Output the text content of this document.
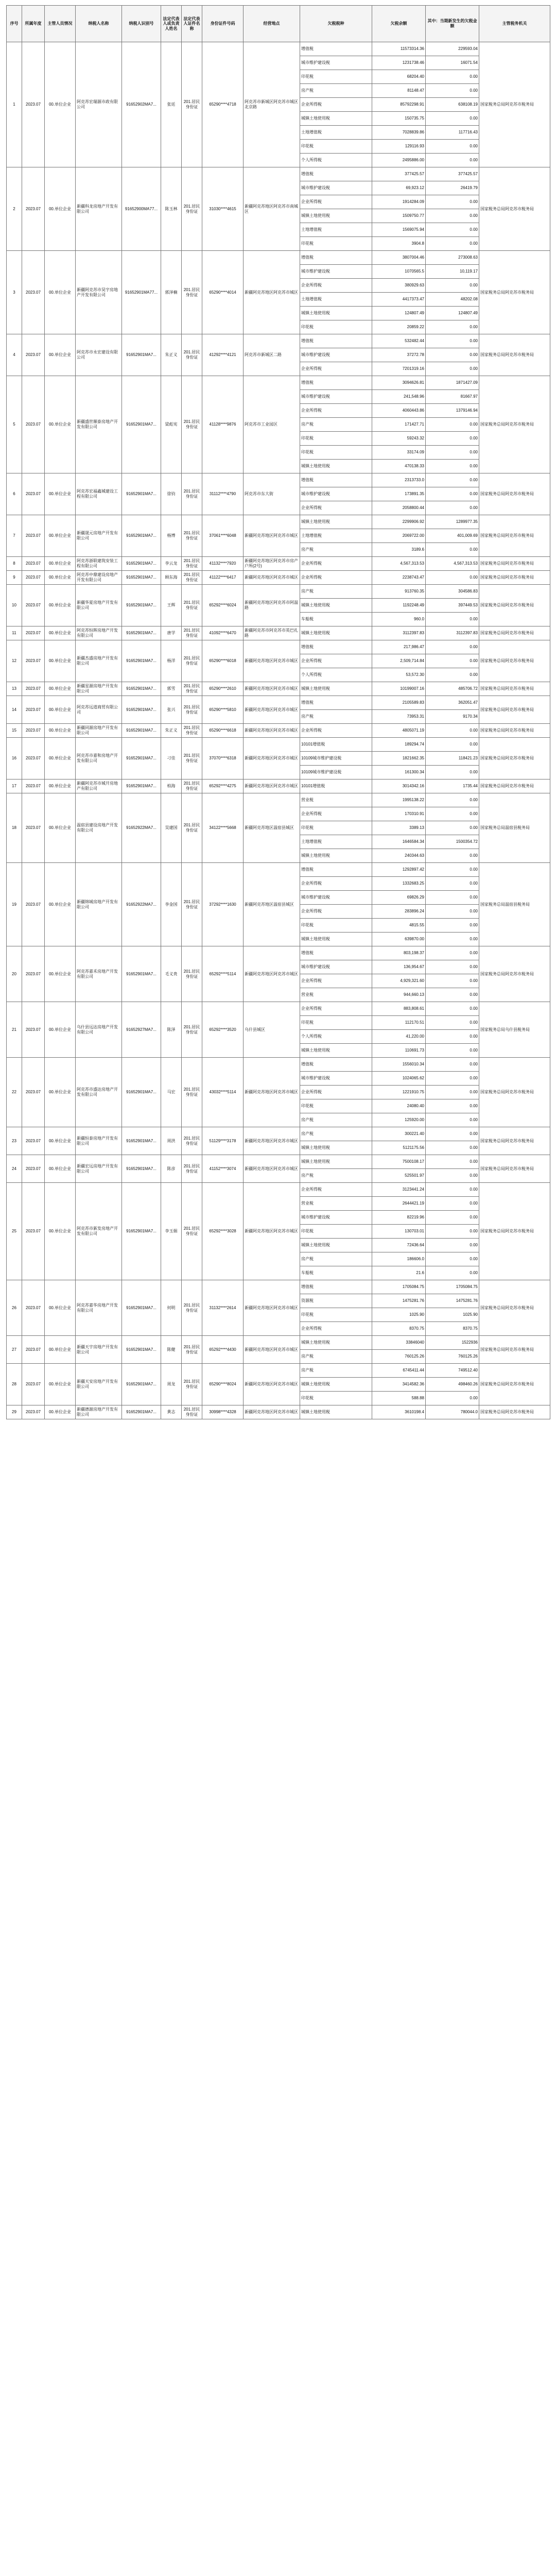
序号	所属年度	主管人员情况	纳税人名称	纳税人识别号	法定代表人或负责人姓名	法定代表人证件名称	身份证件号码	经营地点	欠税税种	欠税余额	其中：当期新发生的欠税金额	主管税务机关
1	2023.07	00.单位企业	阿克苏宏瑞源市政有限公司	91652902MA7...	张廷	201.居民身份证	65290****4718	阿克苏市新城区阿克苏市城区北京路	增值税	11573314.36	229593.04	国家税务总局阿克苏市税务局
									城市维护建设税	1231738.46	16071.54	
									印花税	68204.40	0.00	
									房产税	81148.47	0.00	
									企业所得税	85792298.91	638108.19	
									城镇土地使用税	150735.75	0.00	
									土地增值税	7028839.86	117716.43	
									印花税	129116.93	0.00	
									个人所得税	2495886.00	0.00	
2	2023.07	00.单位企业	新疆科龙房地产开发有限公司	91652900MA77...	陈玉林	201.居民身份证	31030****4615	新疆阿克苏地区阿克苏市南城区	增值税	377425.57	377425.57	国家税务总局阿克苏市税务局
									城市维护建设税	69,923.12	26419.79	
									企业所得税	1914284.09	0.00	
									城镇土地使用税	1509750.77	0.00	
									土地增值税	1569075.94	0.00	
									印花税	3904.8	0.00	
3	2023.07	00.单位企业	新疆阿克苏市昊宇房地产开发有限公司	91652901MA77...	郭泽楠	201.居民身份证	65290****4014	新疆阿克苏地区阿克苏市城区	增值税	3807004.46	273008.63	国家税务总局阿克苏市税务局
									城市维护建设税	1070565.5	10,119.17	
									企业所得税	380929.63	0.00	
									土地增值税	4417373.47	48202.08	
									城镇土地使用税	124807.49	124807.49	
									印花税	20859.22	0.00	
4	2023.07	00.单位企业	阿克苏市永宏建设有限公司	91652901MA7...	朱正义	201.居民身份证	41292****4121	阿克苏市新城区二路	增值税	532482.44	0.00	国家税务总局阿克苏市税务局
									城市维护建设税	37272.78	0.00	
									企业所得税	7201319.16	0.00	
5	2023.07	00.单位企业	新疆盛世顺泰房地产开发有限公司	91652901MA7...	梁彪宪	201.居民身份证	41128****9876	阿克苏市工业园区	增值税	3094626.81	1871427.09	国家税务总局阿克苏市税务局
									城市维护建设税	241,548.96	81667.97	
									企业所得税	4060443.86	1379146.94	
									房产税	171427.71	0.00	
									印花税	59243.32	0.00	
									印花税	33174.09	0.00	
									城镇土地使用税	470138.33	0.00	
6	2023.07	00.单位企业	阿克苏宏福鑫城建设工程有限公司	91652901MA7...	徐钧	201.居民身份证	31112****4790	阿克苏市东大街	增值税	2313733.0	0.00	国家税务总局阿克苏市税务局
									城市维护建设税	173891.35	0.00	
									企业所得税	2058800.44	0.00	
7	2023.07	00.单位企业	新疆晟元房地产开发有限公司	91652901MA7...	杨博	201.居民身份证	37061****6048	新疆阿克苏地区阿克苏市城区	城镇土地使用税	2299906.92	1289977.35	国家税务总局阿克苏市税务局
									土地增值税	2069722.00	401,009.69	
									房产税	3189.6	0.00	
8	2023.07	00.单位企业	阿克苏浙联建筑安装工程有限公司	91652901MA7...	李云龙	201.居民身份证	41132****7920	新疆阿克苏地区阿克苏市房产户所(2号)	企业所得税	4,567,313.53	4,567,313.53	国家税务总局阿克苏市税务局
9	2023.07	00.单位企业	阿克苏中鼎建设房地产开发有限公司	91652901MA7...	顾东海	201.居民身份证	41122****6417	新疆阿克苏地区阿克苏市城区	企业所得税	2238743.47	0.00	国家税务总局阿克苏市税务局
10	2023.07	00.单位企业	新疆华夏房地产开发有限公司	91652901MA7...	王辉	201.居民身份证	65292****6024	新疆阿克苏地区阿克苏市阿温路	房产税	913760.35	304586.83	国家税务总局阿克苏市税务局
									城镇土地使用税	1192248.49	397449.53	
									车船税	960.0	0.00	
11	2023.07	00.单位企业	阿克苏恒晖房地产开发有限公司	91652901MA7...	唐学	201.居民身份证	41092****6470	新疆阿克苏市阿克苏市英巴扎路	城镇土地使用税	3112397.83	3112397.83	国家税务总局阿克苏市税务局
12	2023.07	00.单位企业	新疆杰盛房地产开发有限公司	91652901MA7...	杨洋	201.居民身份证	65290****6018	新疆阿克苏地区阿克苏市城区	增值税	217,986.47	0.00	国家税务总局阿克苏市税务局
									企业所得税	2,509,714.84	0.00	
									个人所得税	53,572.30	0.00	
13	2023.07	00.单位企业	新疆星源房地产开发有限公司	91652901MA7...	郭雪	201.居民身份证	65290****2610	新疆阿克苏地区阿克苏市城区	城镇土地使用税	10199007.16	485706.72	国家税务总局阿克苏市税务局
14	2023.07	00.单位企业	阿克苏远道商贸有限公司	91652901MA7...	张兴	201.居民身份证	65290****5810	新疆阿克苏地区阿克苏市城区	增值税	2105589.83	362051.47	国家税务总局阿克苏市税务局
									房产税	73953.31	9170.34	
15	2023.07	00.单位企业	新疆同源房地产开发有限公司	91652901MA7...	朱正义	201.居民身份证	65290****6618	新疆阿克苏地区阿克苏市城区	企业所得税	4805071.19	0.00	国家税务总局阿克苏市税务局
16	2023.07	00.单位企业	阿克苏市嘉和房地产开发有限公司	91652901MA7...	刁佳	201.居民身份证	37070****6318	新疆阿克苏地区阿克苏市城区	10101增值税	189294.74	0.00	国家税务总局阿克苏市税务局
									10109城市维护建设税	1821662.35	118421.23	
									10109城市维护建设税	161300.34	0.00	
17	2023.07	00.单位企业	新疆阿克苏市城开房地产有限公司	91652901MA7...	柏海	201.居民身份证	65292****4275	新疆阿克苏地区阿克苏市城区	10101增值税	3014342.16	1735.44	国家税务总局阿克苏市税务局
18	2023.07	00.单位企业	温宿县建设房地产开发有限公司	91652922MA7...	吴建国	201.居民身份证	34122****5668	新疆阿克苏地区温宿县城区	营业税	1995138.22	0.00	国家税务总局温宿县税务局
									企业所得税	170310.91	0.00	
									印花税	3389.13	0.00	
									土地增值税	1646584.34	1500354.72	
									城镇土地使用税	240344.63	0.00	
19	2023.07	00.单位企业	新疆锦城房地产开发有限公司	91652922MA7...	李金国	201.居民身份证	37292****1630	新疆阿克苏地区温宿县城区	增值税	1292897.42	0.00	国家税务总局温宿县税务局
									企业所得税	1332683.25	0.00	
									城市维护建设税	69826.29	0.00	
									企业所得税	283896.24	0.00	
									印花税	4815.55	0.00	
									城镇土地使用税	639870.00	0.00	
20	2023.07	00.单位企业	阿克苏嘉禾房地产开发有限公司	91652901MA7...	毛义贵	201.居民身份证	65292****5114	新疆阿克苏地区阿克苏市城区	增值税	803,198.37	0.00	国家税务总局阿克苏市税务局
									城市维护建设税	136,954.67	0.00	
									企业所得税	4,929,321.60	0.00	
									营业税	944,660.13	0.00	
21	2023.07	00.单位企业	乌什县远达房地产开发有限公司	91652927MA7...	陈泽	201.居民身份证	65292****3520	乌什县城区	企业所得税	883,808.61	0.00	国家税务总局乌什县税务局
									印花税	112170.51	0.00	
									个人所得税	41,220.00	0.00	
									城镇土地使用税	110691.73	0.00	
22	2023.07	00.单位企业	阿克苏市盛达房地产开发有限公司	91652901MA7...	马宏	201.居民身份证	43032****5114	新疆阿克苏地区阿克苏市城区	增值税	1556010.34	0.00	国家税务总局阿克苏市税务局
									城市维护建设税	1024065.62	0.00	
									企业所得税	1221910.75	0.00	
									印花税	24080.40	0.00	
									房产税	125920.00	0.00	
23	2023.07	00.单位企业	新疆恒泰房地产开发有限公司	91652901MA7...	周洪	201.居民身份证	51129****3178	新疆阿克苏地区阿克苏市城区	房产税	300221.40	0.00	国家税务总局阿克苏市税务局
									城镇土地使用税	5121175.56	0.00	
24	2023.07	00.单位企业	新疆宏远房地产开发有限公司	91652901MA7...	陈彦	201.居民身份证	41152****3074	新疆阿克苏地区阿克苏市城区	城镇土地使用税	7500108.17	0.00	国家税务总局阿克苏市税务局
									房产税	525501.97	0.00	
25	2023.07	00.单位企业	阿克苏市新发房地产开发有限公司	91652901MA7...	李玉娟	201.居民身份证	65292****3028	新疆阿克苏地区阿克苏市城区	企业所得税	3123441.24	0.00	国家税务总局阿克苏市税务局
									营业税	2644421.19	0.00	
									城市维护建设税	82219.96	0.00	
									印花税	130703.01	0.00	
									城镇土地使用税	72436.64	0.00	
									房产税	186606.0	0.00	
									车船税	21.6	0.00	
26	2023.07	00.单位企业	阿克苏嘉华房地产开发有限公司	91652901MA7...	何明	201.居民身份证	31132****2614	新疆阿克苏地区阿克苏市城区	增值税	1705084.75	1705084.75	国家税务总局阿克苏市税务局
									资源税	1475281.76	1475281.76	
									印花税	1025.90	1025.90	
									企业所得税	8370.75	8370.75	
27	2023.07	00.单位企业	新疆天宇房地产开发有限公司	91652901MA7...	陈健	201.居民身份证	65292****4430	新疆阿克苏地区阿克苏市城区	城镇土地使用税	33846040	1522936	国家税务总局阿克苏市税务局
									房产税	760125.26	760125.26	
28	2023.07	00.单位企业	新疆天安房地产开发有限公司	91652901MA7...	周龙	201.居民身份证	65290****8024	新疆阿克苏地区阿克苏市城区	房产税	6745411.44	749512.40	国家税务总局阿克苏市税务局
									城镇土地使用税	3414582.36	498460.26	
									印花税	588.88	0.00	
29	2023.07	00.单位企业	新疆德源房地产开发有限公司	91652901MA7...	黄志	201.居民身份证	30998****4328	新疆阿克苏地区阿克苏市城区	城镇土地使用税	3610198.4	780044.0	国家税务总局阿克苏市税务局
